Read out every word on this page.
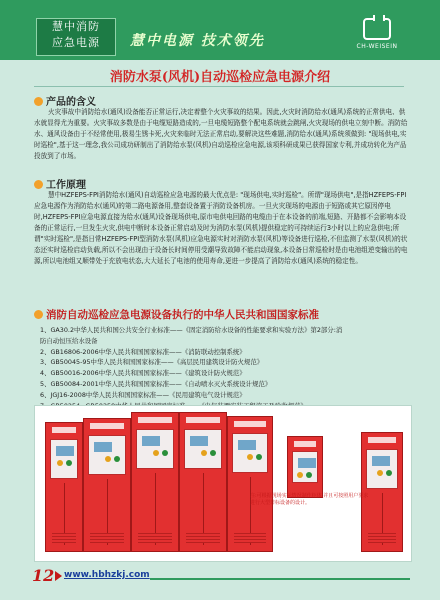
慧中消防
应急电源	慧中电源 技术领先	CH-WEISEIN
消防水泵(风机)自动巡检应急电源介绍
产品的含义

火灾事故中消防给水(通风)设备能否正常运行,决定着整个火灾事故的结果。因此,火灾时消防给水(通风)系统的正常供电、供水就显得尤为重要。火灾事故多数是由于电缆短路造成的,一旦电缆短路整个配电系统就会跳闸,火灾现场的供电立刻中断。消防给水、通风设备由于不经常使用,极易生锈卡死,火灾来临时无法正常启动,要解决这些难题,消防给水(通风)系统须做到: "现场供电,实时巡检",基于这一理念,我公司成功研制出了消防给水泵(风机)自动巡检应急电源,该项科研成果已获得国家专利,并成功转化为产品投放到了市场。

工作原理

慧中HZFEPS-FPI消防给水(通风)自动巡检应急电源的最大优点是: "现场供电,实时巡检"。所谓"现场供电",是指HZFEPS-FPI应急电源作为消防给水(通风)的第二路电源备用,整套设备置于消防设备机房。一旦火灾现场的电源由于短路或其它原因停电时,HZFEPS-FPI应急电源直接为给水(通风)设备现场供电,原市电供电回路的电缆由于在本设备的前端,短路、开路都不会影响本设备的正常运行,一旦发生火灾,供电中断时本设备正常启动及时为消防水泵(风机)提供稳定的可持续运行3小时以上的应急供电;所谓"实时巡检",是指日常HZFEPS-FPI型消防水泵(风机)应急电源实时对消防水泵(风机)等设备进行巡检,不但监测了水泵(风机)的状态还实时巡检启动负载,所以不会出现由于设备长时间停用受潮导致故障不能启动现象,本设备日常巡检时是由电池组逆变输出的电源,所以电池组又顺带处于充放电状态,大大延长了电池的使用寿命,更进一步提高了消防给水(通风)系统的稳定性。

消防自动巡检应急电源设备执行的中华人民共和国国家标准
1、GA30.2中华人民共和国公共安全行业标准——《固定消防给水设备的性能要求和实验方法》第2部分:消
防自动恒压给水设备
2、GB16806-2006中华人民共和国国家标准——《消防联动控制系统》
3、GB50045-95中华人民共和国国家标准——《高层民用建筑设计防火规范》
4、GB50016-2006中华人民共和国国家标准——《建筑设计防火规范》
5、GB50084-2001中华人民共和国国家标准——《自动喷水灭火系统设计规范》
6、JGJ16-2008中华人民共和国国家标准——《民用建筑电气设计规范》
注:可根据现场实际情况制作柜体,并且可按照用户要求进行大型非标设备的设计。
12 www.hbhzkj.com
